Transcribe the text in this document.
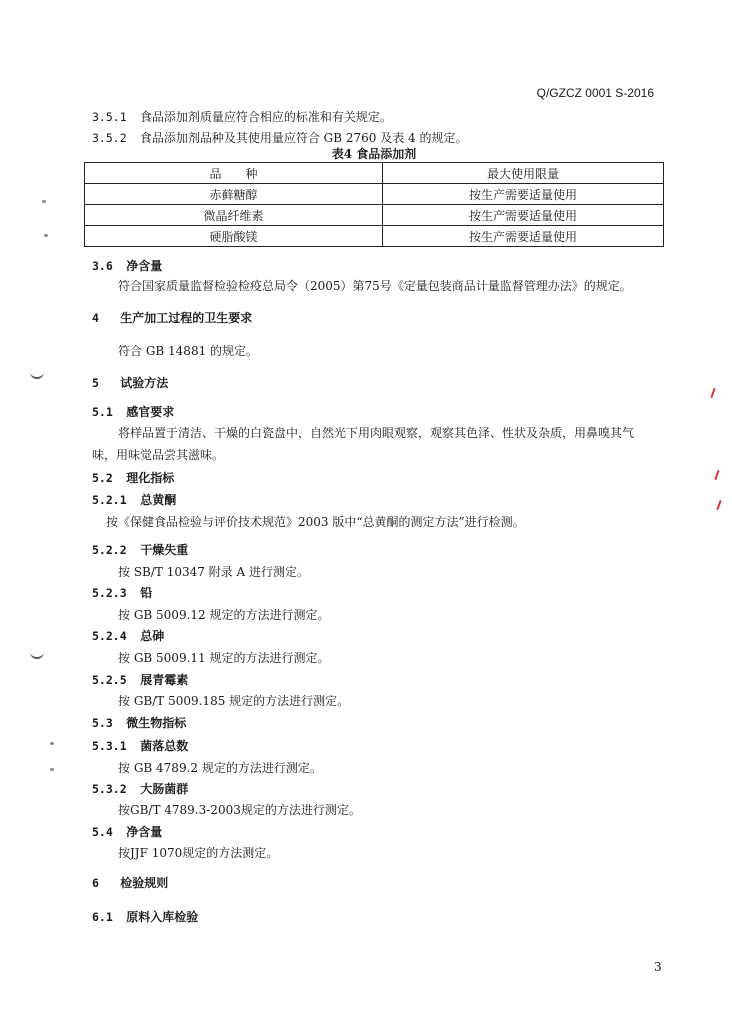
Q/GZCZ 0001 S-2016
3.5.1 食品添加剂质量应符合相应的标准和有关规定。
3.5.2 食品添加剂品种及其使用量应符合 GB 2760 及表 4 的规定。
表4 食品添加剂
品　　种	最大使用限量
赤藓糖醇	按生产需要适量使用
微晶纤维素	按生产需要适量使用
硬脂酸镁	按生产需要适量使用
3.6 净含量
符合国家质量监督检验检疫总局令（2005）第75号《定量包装商品计量监督管理办法》的规定。
4 生产加工过程的卫生要求
符合 GB 14881 的规定。
5 试验方法
5.1 感官要求
将样品置于清洁、干燥的白瓷盘中，自然光下用肉眼观察，观察其色泽、性状及杂质，用鼻嗅其气
味，用味觉品尝其滋味。
5.2 理化指标
5.2.1 总黄酮
按《保健食品检验与评价技术规范》2003 版中“总黄酮的测定方法”进行检测。
5.2.2 干燥失重
按 SB/T 10347 附录 A 进行测定。
5.2.3 铅
按 GB 5009.12 规定的方法进行测定。
5.2.4 总砷
按 GB 5009.11 规定的方法进行测定。
5.2.5 展青霉素
按 GB/T 5009.185 规定的方法进行测定。
5.3 微生物指标
5.3.1 菌落总数
按 GB 4789.2 规定的方法进行测定。
5.3.2 大肠菌群
按GB/T 4789.3-2003规定的方法进行测定。
5.4 净含量
按JJF 1070规定的方法测定。
6 检验规则
6.1 原料入库检验
3
